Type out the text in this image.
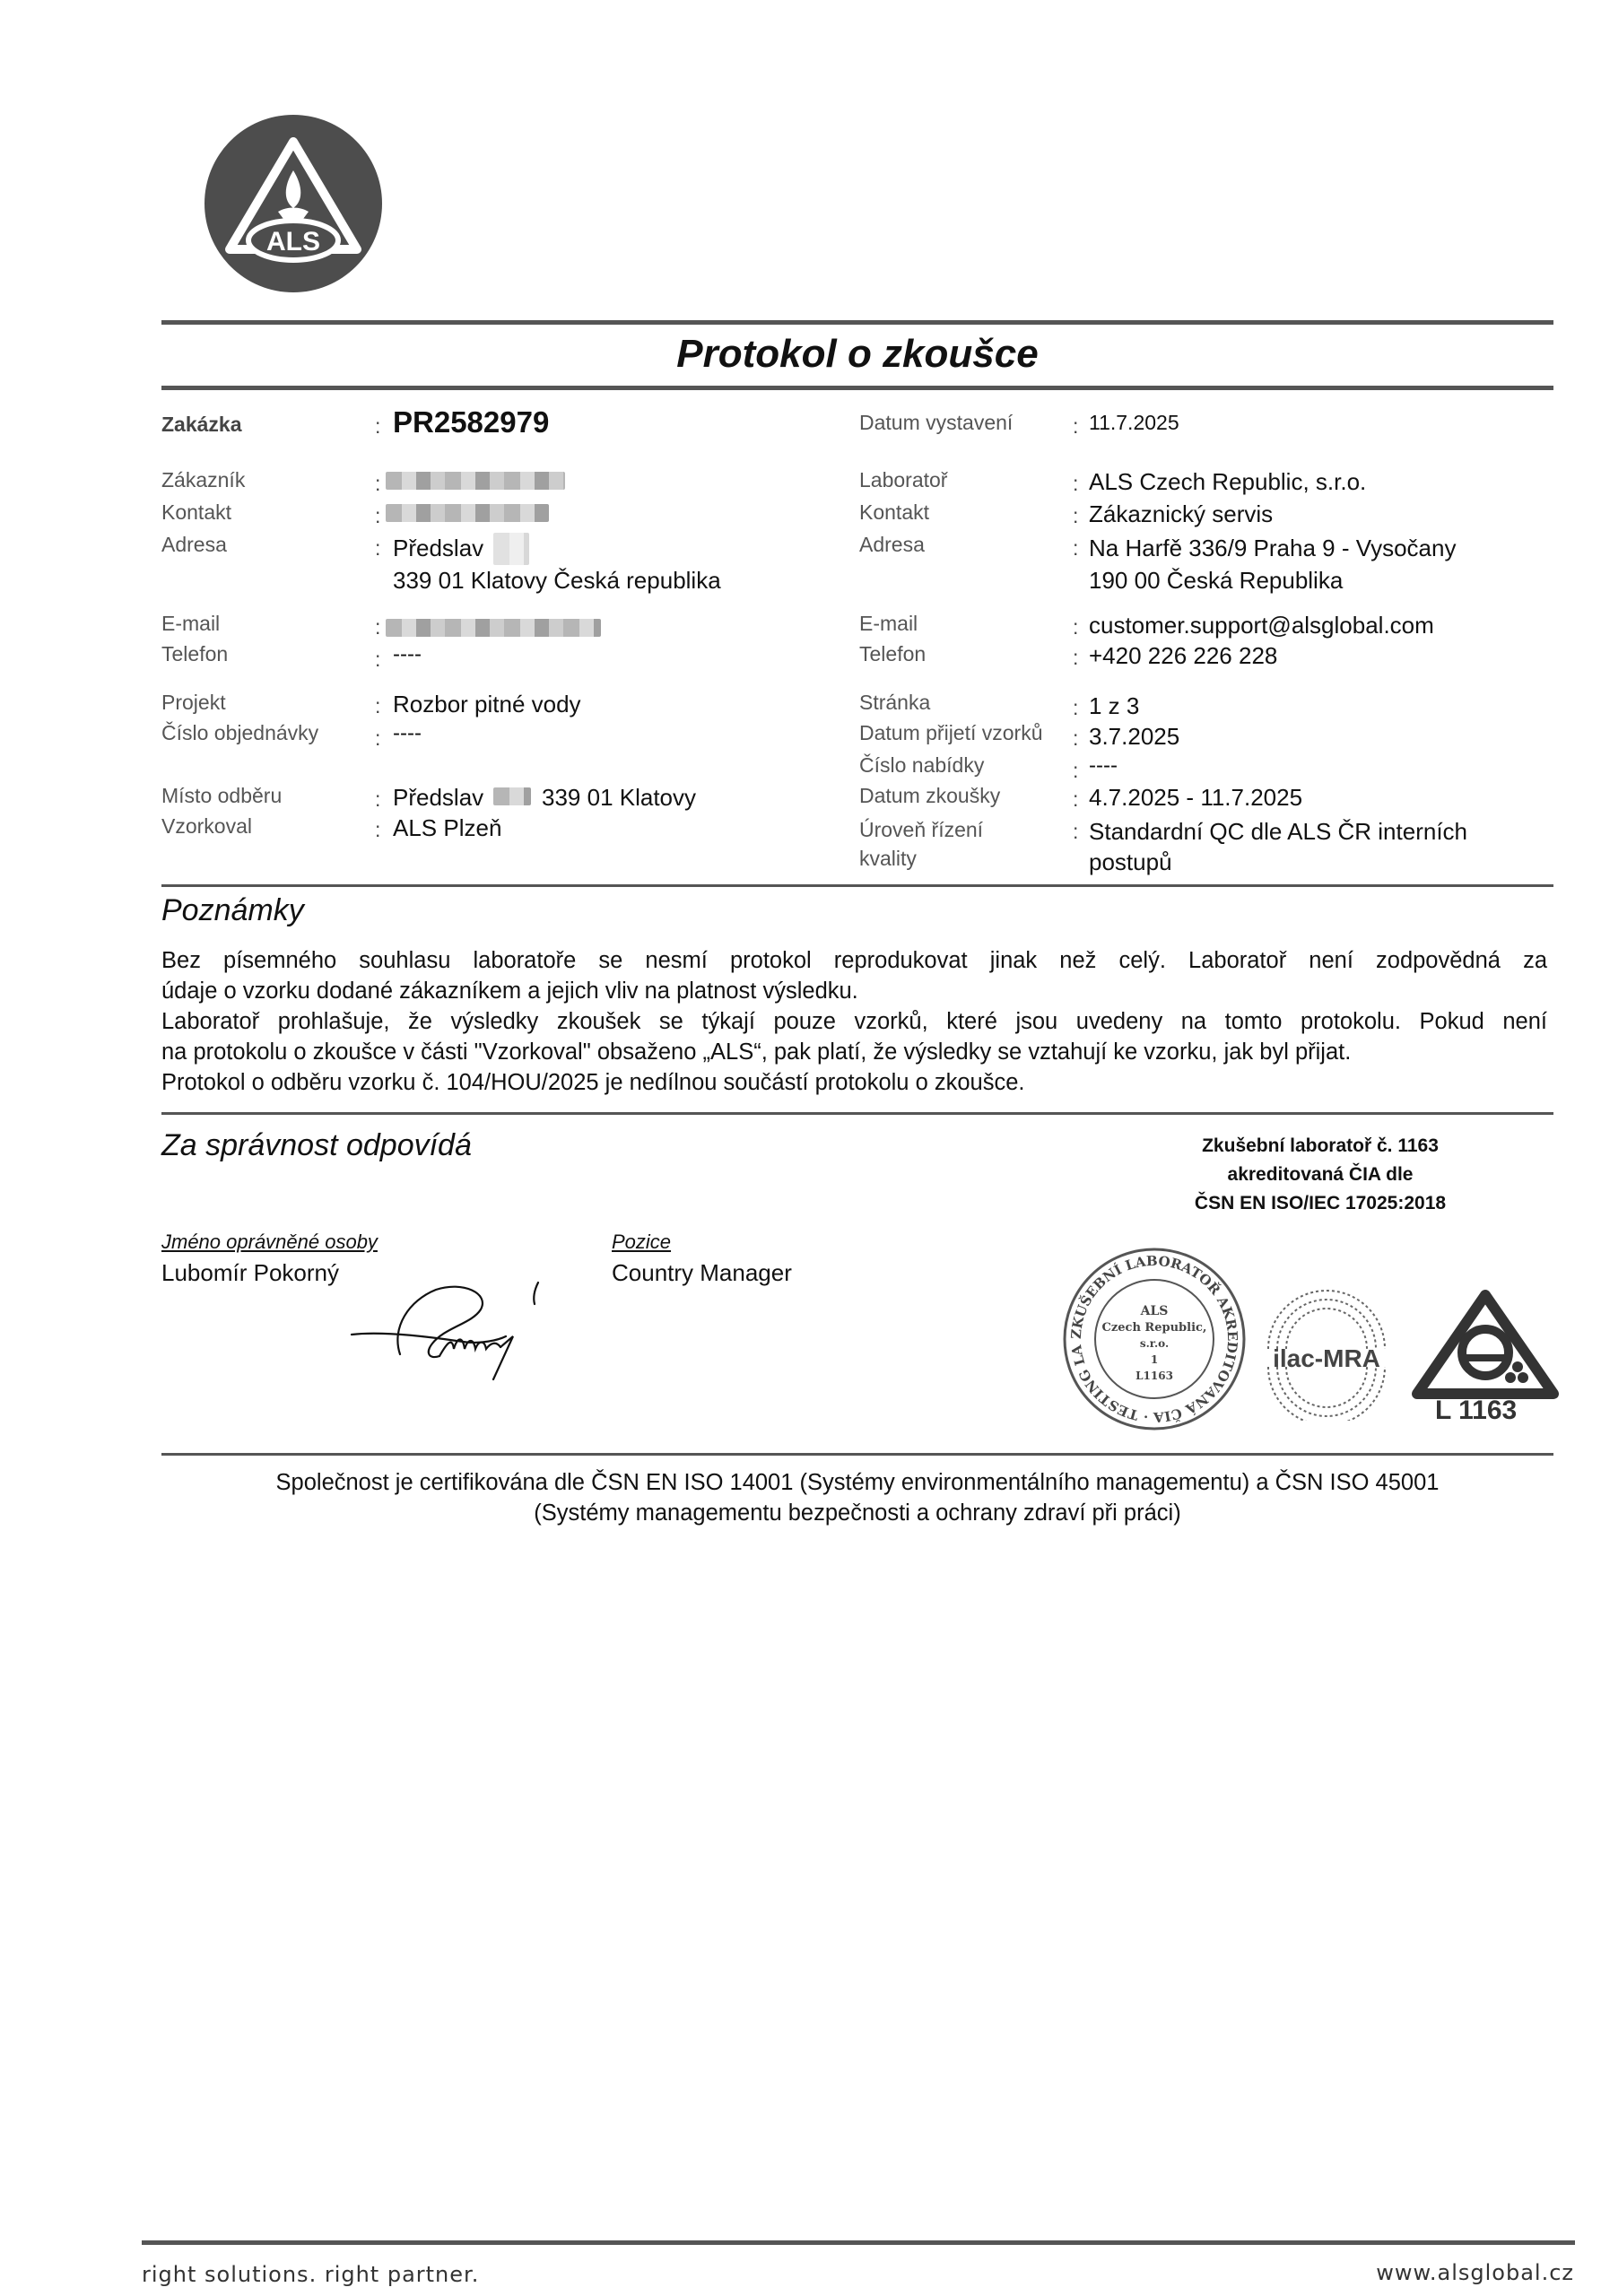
ALS
Protokol o zkoušce
Zakázka	: PR2582979	Datum vystavení	: 11.7.2025
Zákazník	:
Kontakt	:
Adresa	: Předslav
339 01 Klatovy Česká republika
E-mail	:
Telefon	: ----
Laboratoř	: ALS Czech Republic, s.r.o.
Kontakt	: Zákaznický servis
Adresa	: Na Harfě 336/9 Praha 9 - Vysočany
190 00 Česká Republika
E-mail	: customer.support@alsglobal.com
Telefon	: +420 226 226 228
Projekt	: Rozbor pitné vody
Číslo objednávky	: ----
Místo odběru	: Předslav 339 01 Klatovy
Vzorkoval	: ALS Plzeň
Stránka	: 1 z 3
Datum přijetí vzorků : 3.7.2025
Číslo nabídky	: ----
Datum zkoušky	: 4.7.2025 - 11.7.2025
Úroveň řízení
kvality
: Standardní QC dle ALS ČR interních
postupů
Poznámky
Bez písemného souhlasu laboratoře se nesmí protokol reprodukovat jinak než celý. Laboratoř není zodpovědná za
údaje o vzorku dodané zákazníkem a jejich vliv na platnost výsledku.
Laboratoř prohlašuje, že výsledky zkoušek se týkají pouze vzorků, které jsou uvedeny na tomto protokolu. Pokud není
na protokolu o zkoušce v části "Vzorkoval" obsaženo „ALS“, pak platí, že výsledky se vztahují ke vzorku, jak byl přijat.
Protokol o odběru vzorku č. 104/HOU/2025 je nedílnou součástí protokolu o zkoušce.
Za správnost odpovídá	Zkušební laboratoř č. 1163
akreditovaná ČIA dle
ČSN EN ISO/IEC 17025:2018
Jméno oprávněné osoby
Lubomír Pokorný
Pozice
Country Manager
ZKUŠEBNÍ LABORATOŘ AKREDITOVANÁ ČIA · TESTING LA
ALS
Czech Republic,
s.r.o.
1
L1163
ilac-MRA
L 1163
Společnost je certifikována dle ČSN EN ISO 14001 (Systémy environmentálního managementu) a ČSN ISO 45001
(Systémy managementu bezpečnosti a ochrany zdraví při práci)
right solutions. right partner.	www.alsglobal.cz
